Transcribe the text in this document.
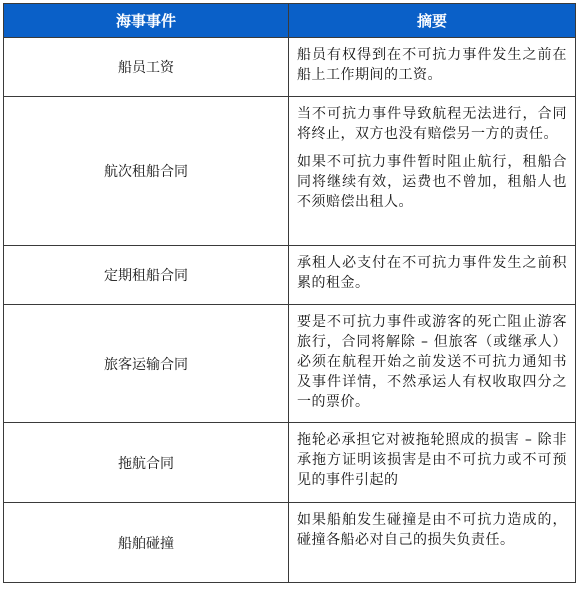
海事事件	摘要
船员工资	船员有权得到在不可抗力事件发生之前在船上工作期间的工资。

航次租船合同	当不可抗力事件导致航程无法进行，合同将终止，双方也没有赔偿另一方的责任。

如果不可抗力事件暂时阻止航行，租船合同将继续有效，运费也不曾加，租船人也不须赔偿出租人。

定期租船合同	承租人必支付在不可抗力事件发生之前积累的租金。

旅客运输合同	要是不可抗力事件或游客的死亡阻止游客旅行，合同将解除 – 但旅客（或继承人）必须在航程开始之前发送不可抗力通知书及事件详情，不然承运人有权收取四分之一的票价。

拖航合同	拖轮必承担它对被拖轮照成的损害 – 除非承拖方证明该损害是由不可抗力或不可预见的事件引起的

船舶碰撞	如果船舶发生碰撞是由不可抗力造成的，碰撞各船必对自己的损失负责任。
